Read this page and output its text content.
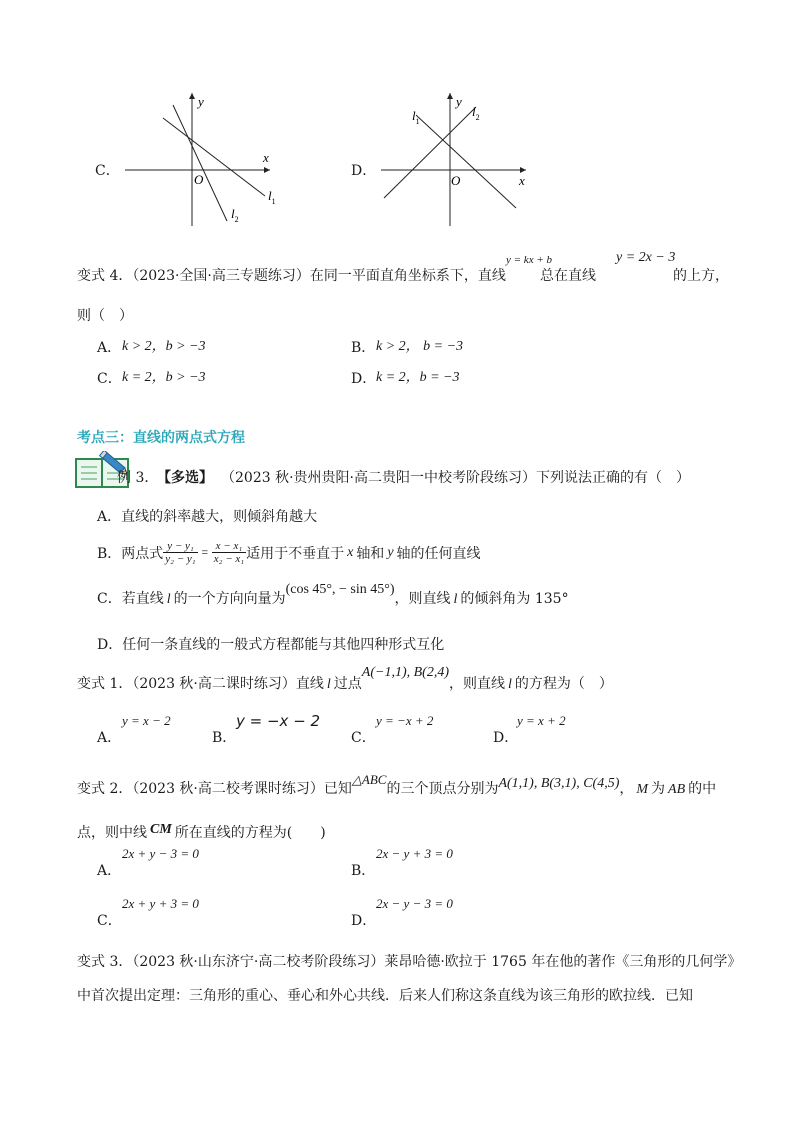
C．
y
x
O
$l_1$
$l_2$
D．
y
x
O
$l_1$
$l_2$
变式 4．（2023·全国·高三专题练习）在同一平面直角坐标系下，直线
y = kx + b
总在直线
y = 2x − 3
的上方，
则（　）
A． k > 2，b > −3	B． k > 2， b = −3
C． k = 2，b > −3	D． k = 2，b = −3
考点三：直线的两点式方程
例 3．
【多选】 （2023 秋·贵州贵阳·高二贵阳一中校考阶段练习）下列说法正确的有（　）
A．直线的斜率越大，则倾斜角越大
B．两点式 $\frac{\text{y − y₁}}{\text{y₂ − y₁}} = \frac{\text{x − x₁}}{\text{x₂ − x₁}}$ 适用于不垂直于 x 轴和 y 轴的任何直线
C．若直线 l 的一个方向向量为
(cos 45°, − sin 45°)
，则直线 l 的倾斜角为 135°
D．任何一条直线的一般式方程都能与其他四种形式互化
变式 1．（2023 秋·高二课时练习）直线 l 过点
A(−1,1), B(2,4)
，则直线 l 的方程为（　）
A．
y = x − 2
B．
y = −x − 2
C．
y = −x + 2
D．
y = x + 2
变式 2．（2023 秋·高二校考课时练习）已知
△ABC
的三个顶点分别为 A(1,1), B(3,1), C(4,5) ， M 为 AB 的中
点，则中线 CM 所在直线的方程为(　　)
A．
2x + y − 3 = 0
B．
2x − y + 3 = 0
C．
2x + y + 3 = 0
D．
2x − y − 3 = 0
变式 3．（2023 秋·山东济宁·高二校考阶段练习）莱昂哈德·欧拉于 1765 年在他的著作《三角形的几何学》
中首次提出定理：三角形的重心、垂心和外心共线．后来人们称这条直线为该三角形的欧拉线．已知
